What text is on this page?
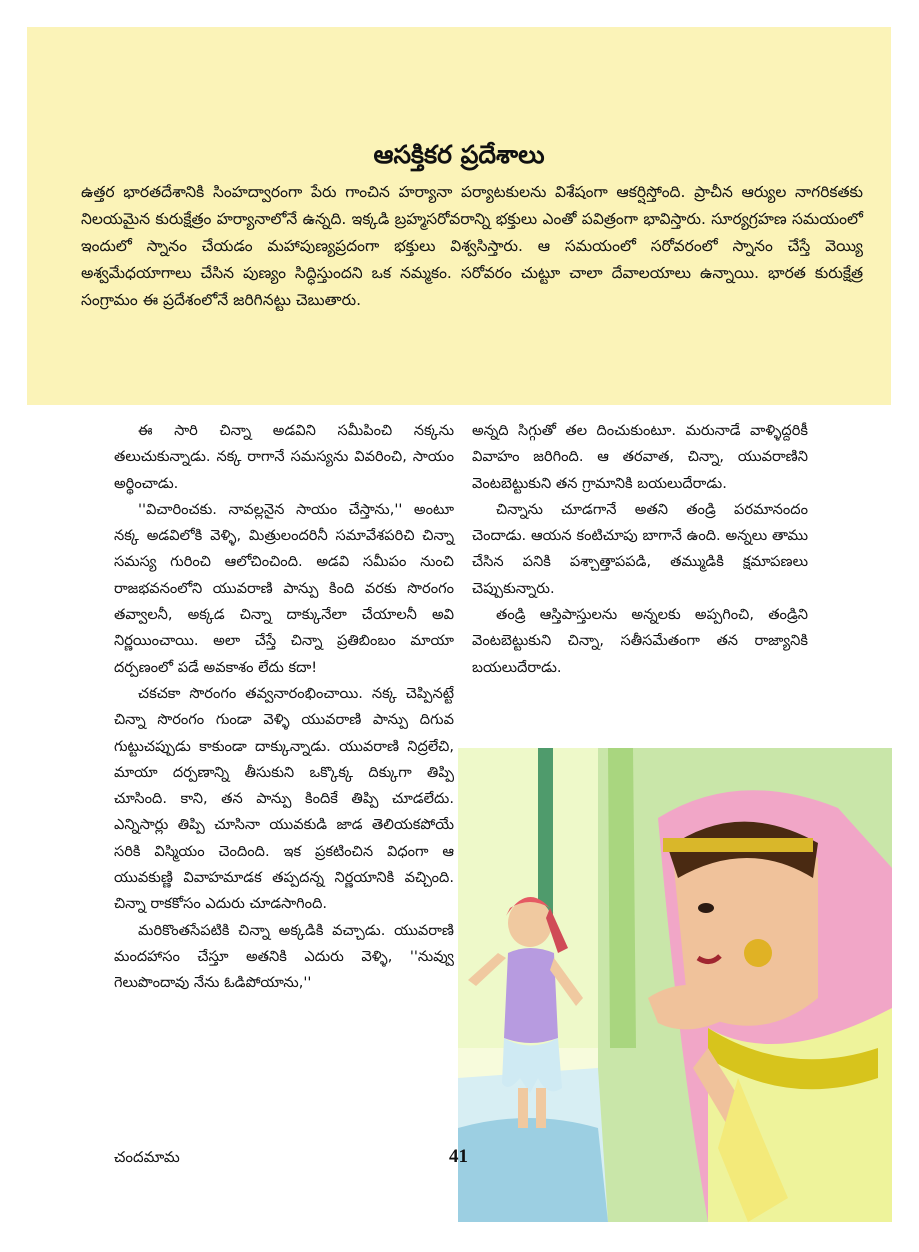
ఆసక్తికర ప్రదేశాలు

ఉత్తర భారతదేశానికి సింహద్వారంగా పేరు గాంచిన హర్యానా పర్యాటకులను విశేషంగా ఆకర్షిస్తోంది. ప్రాచీన ఆర్యుల నాగరికతకు నిలయమైన కురుక్షేత్రం హర్యానాలోనే ఉన్నది. ఇక్కడి బ్రహ్మసరోవరాన్ని భక్తులు ఎంతో పవిత్రంగా భావిస్తారు. సూర్యగ్రహణ సమయంలో ఇందులో స్నానం చేయడం మహాపుణ్యప్రదంగా భక్తులు విశ్వసిస్తారు. ఆ సమయంలో సరోవరంలో స్నానం చేస్తే వెయ్యి అశ్వమేధయాగాలు చేసిన పుణ్యం సిద్ధిస్తుందని ఒక నమ్మకం. సరోవరం చుట్టూ చాలా దేవాలయాలు ఉన్నాయి. భారత కురుక్షేత్ర సంగ్రామం ఈ ప్రదేశంలోనే జరిగినట్టు చెబుతారు.

ఈ సారి చిన్నా అడవిని సమీపించి నక్కను తలుచుకున్నాడు. నక్క రాగానే సమస్యను వివరించి, సాయం అర్థించాడు.

''విచారించకు. నావల్లనైన సాయం చేస్తాను,'' అంటూ నక్క అడవిలోకి వెళ్ళి, మిత్రులందరినీ సమావేశపరిచి చిన్నా సమస్య గురించి ఆలోచించింది. అడవి సమీపం నుంచి రాజభవనంలోని యువరాణి పాన్పు కింది వరకు సొరంగం తవ్వాలనీ, అక్కడ చిన్నా దాక్కునేలా చేయాలనీ అవి నిర్ణయించాయి. అలా చేస్తే చిన్నా ప్రతిబింబం మాయా దర్పణంలో పడే అవకాశం లేదు కదా!

చకచకా సొరంగం తవ్వనారంభించాయి. నక్క చెప్పినట్టే చిన్నా సొరంగం గుండా వెళ్ళి యువరాణి పాన్పు దిగువ గుట్టుచప్పుడు కాకుండా దాక్కున్నాడు. యువరాణి నిద్రలేచి, మాయా దర్పణాన్ని తీసుకుని ఒక్కొక్క దిక్కుగా తిప్పి చూసింది. కాని, తన పాన్పు కిందికే తిప్పి చూడలేదు. ఎన్నిసార్లు తిప్పి చూసినా యువకుడి జాడ తెలియకపోయే సరికి విస్మియం చెందింది. ఇక ప్రకటించిన విధంగా ఆ యువకుణ్ణి వివాహమాడక తప్పదన్న నిర్ణయానికి వచ్చింది. చిన్నా రాకకోసం ఎదురు చూడసాగింది.

మరికొంతసేపటికి చిన్నా అక్కడికి వచ్చాడు. యువరాణి మందహాసం చేస్తూ అతనికి ఎదురు వెళ్ళి, ''నువ్వు గెలుపొందావు నేను ఓడిపోయాను,''

అన్నది సిగ్గుతో తల దించుకుంటూ. మరునాడే వాళ్ళిద్దరికీ వివాహం జరిగింది. ఆ తరవాత, చిన్నా, యువరాణిని వెంటబెట్టుకుని తన గ్రామానికి బయలుదేరాడు.

చిన్నాను చూడగానే అతని తండ్రి పరమానందం చెందాడు. ఆయన కంటిచూపు బాగానే ఉంది. అన్నలు తాము చేసిన పనికి పశ్చాత్తాపపడి, తమ్ముడికి క్షమాపణలు చెప్పుకున్నారు.

తండ్రి ఆస్తిపాస్తులను అన్నలకు అప్పగించి, తండ్రిని వెంటబెట్టుకుని చిన్నా, సతీసమేతంగా తన రాజ్యానికి బయలుదేరాడు.

చందమామ	41
